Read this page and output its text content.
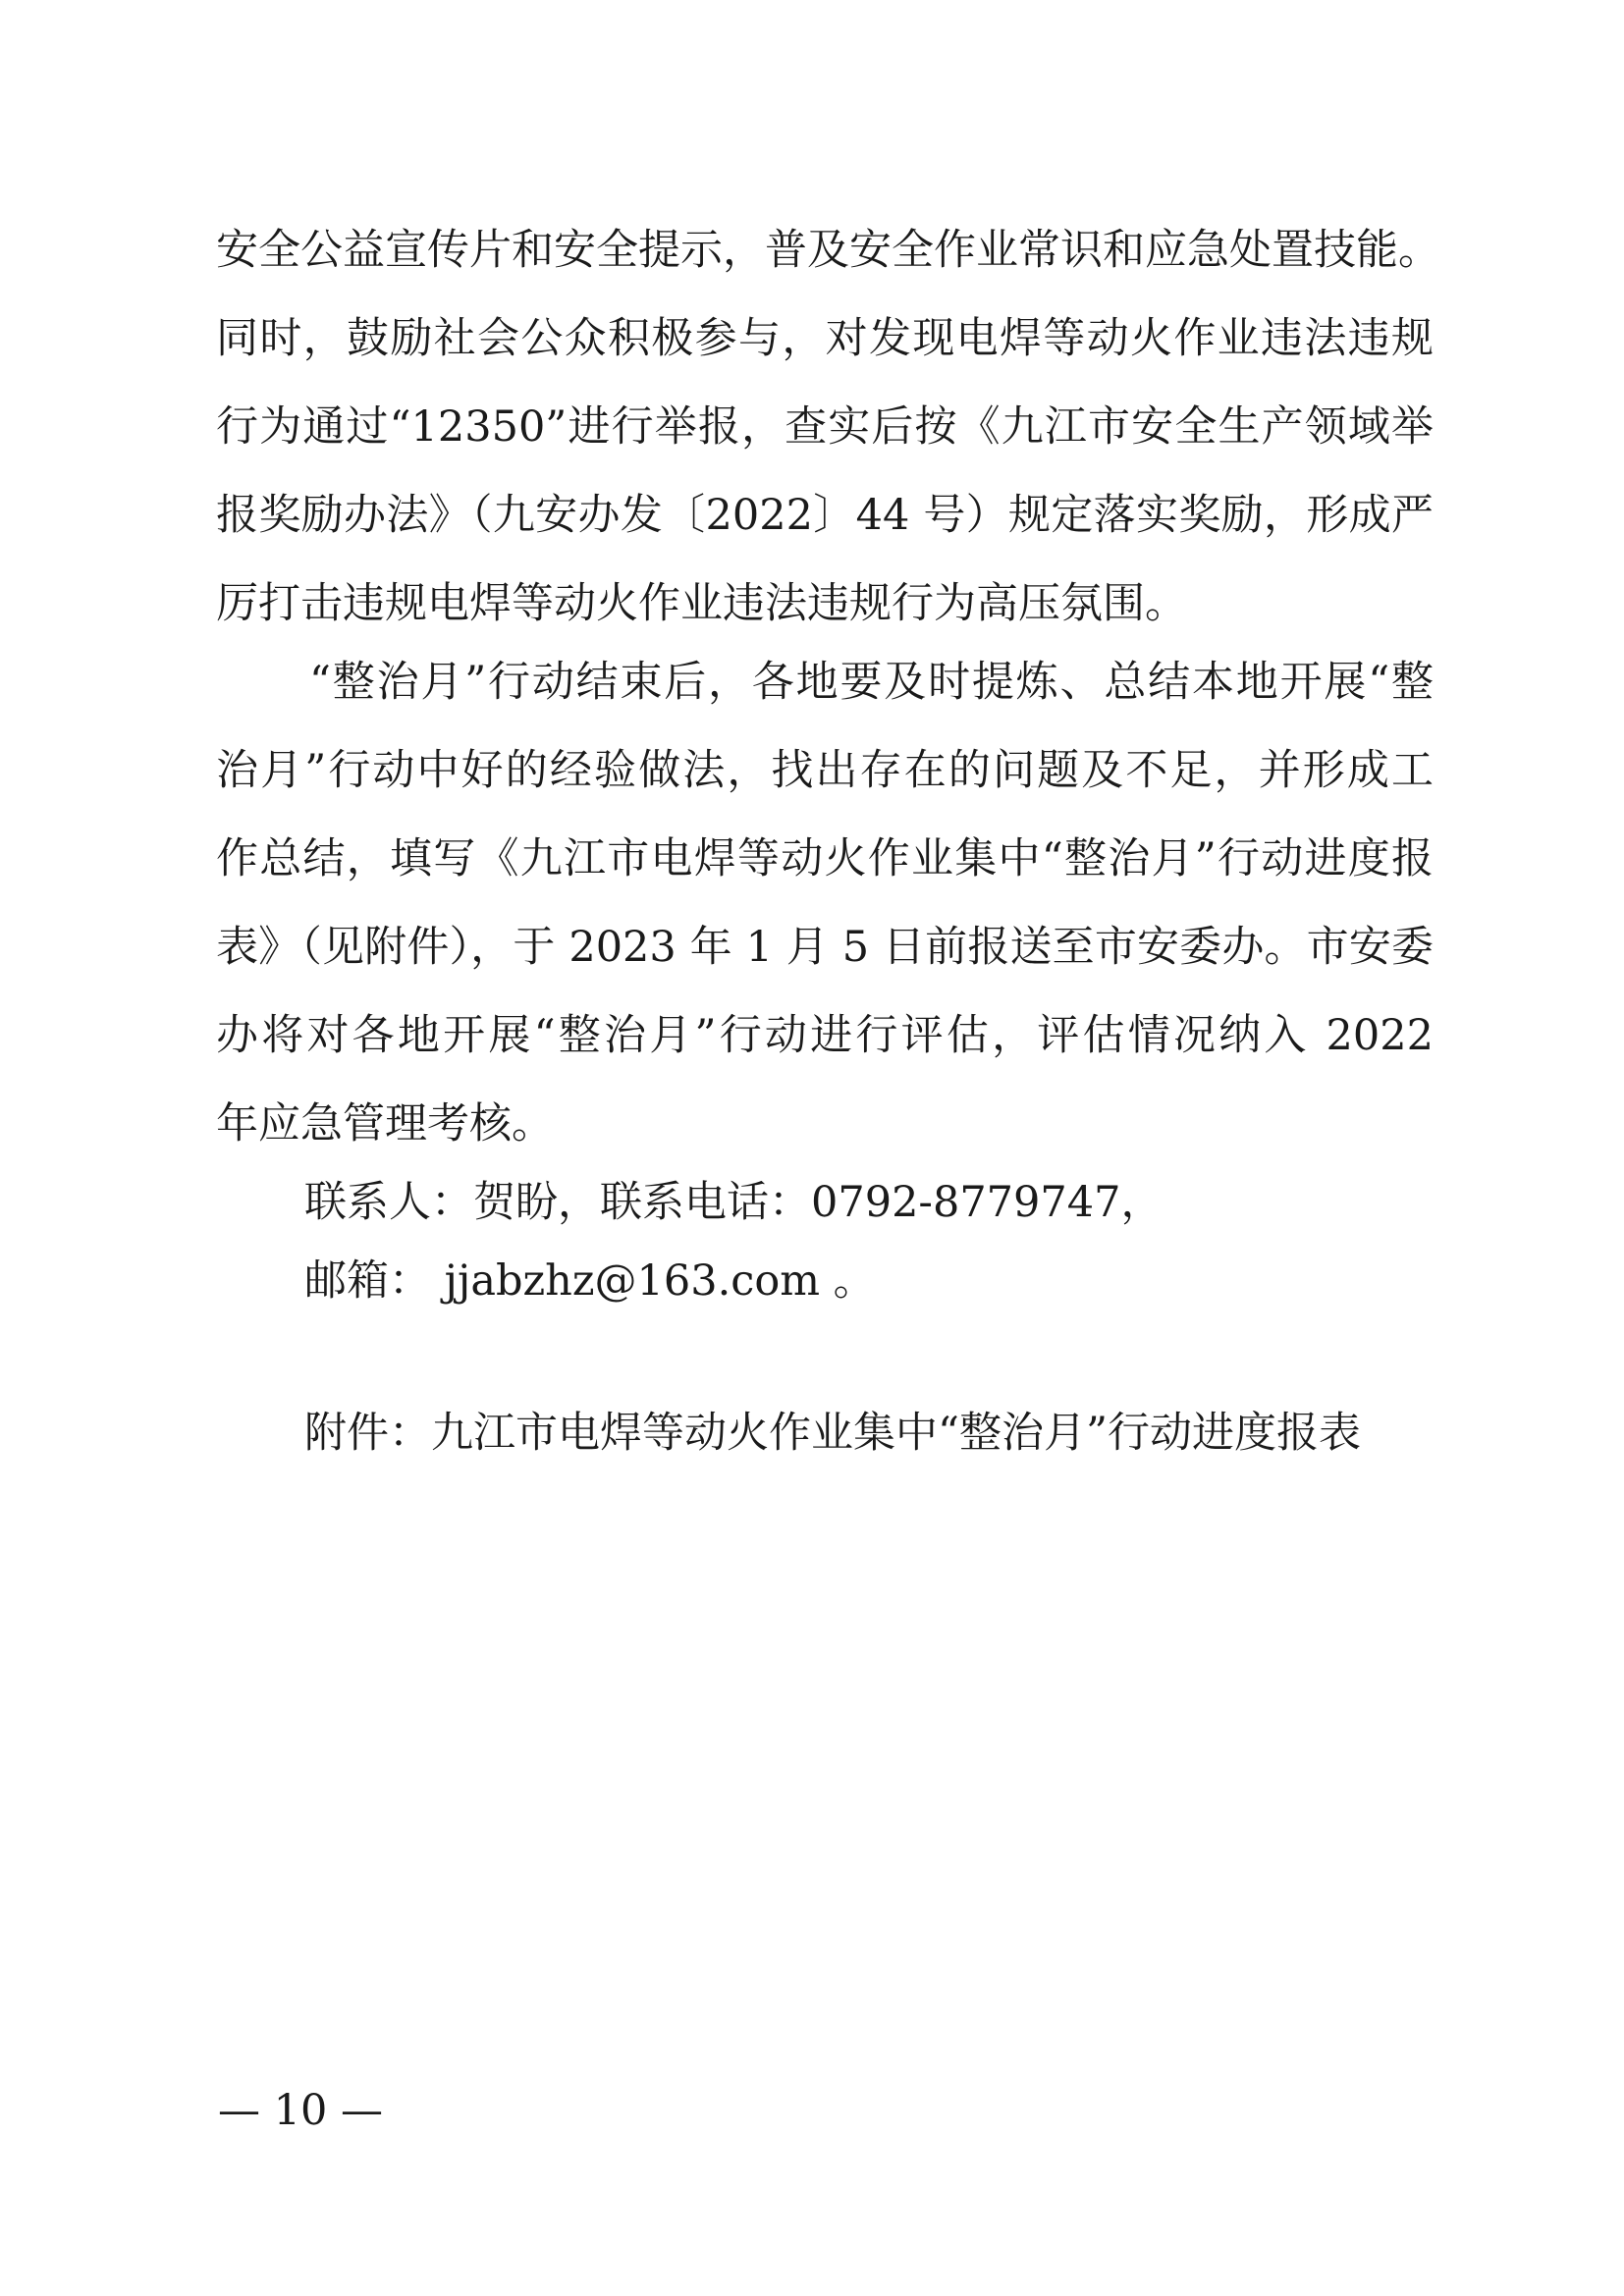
安全公益宣传片和安全提示，普及安全作业常识和应急处置技能。
同时，鼓励社会公众积极参与，对发现电焊等动火作业违法违规
行为通过“12350”进行举报，查实后按《九江市安全生产领域举
报奖励办法》（九安办发〔2022〕44 号）规定落实奖励，形成严
厉打击违规电焊等动火作业违法违规行为高压氛围。
“整治月”行动结束后，各地要及时提炼、总结本地开展“整
治月”行动中好的经验做法，找出存在的问题及不足，并形成工
作总结，填写《九江市电焊等动火作业集中“整治月”行动进度报
表》（见附件），于 2023 年 1 月 5 日前报送至市安委办。市安委
办将对各地开展“整治月”行动进行评估，评估情况纳入 2022
年应急管理考核。
联系人：贺盼，联系电话：0792-8779747，
邮箱： jjabzhz@163.com 。
附件：九江市电焊等动火作业集中“整治月”行动进度报表
— 10 —
